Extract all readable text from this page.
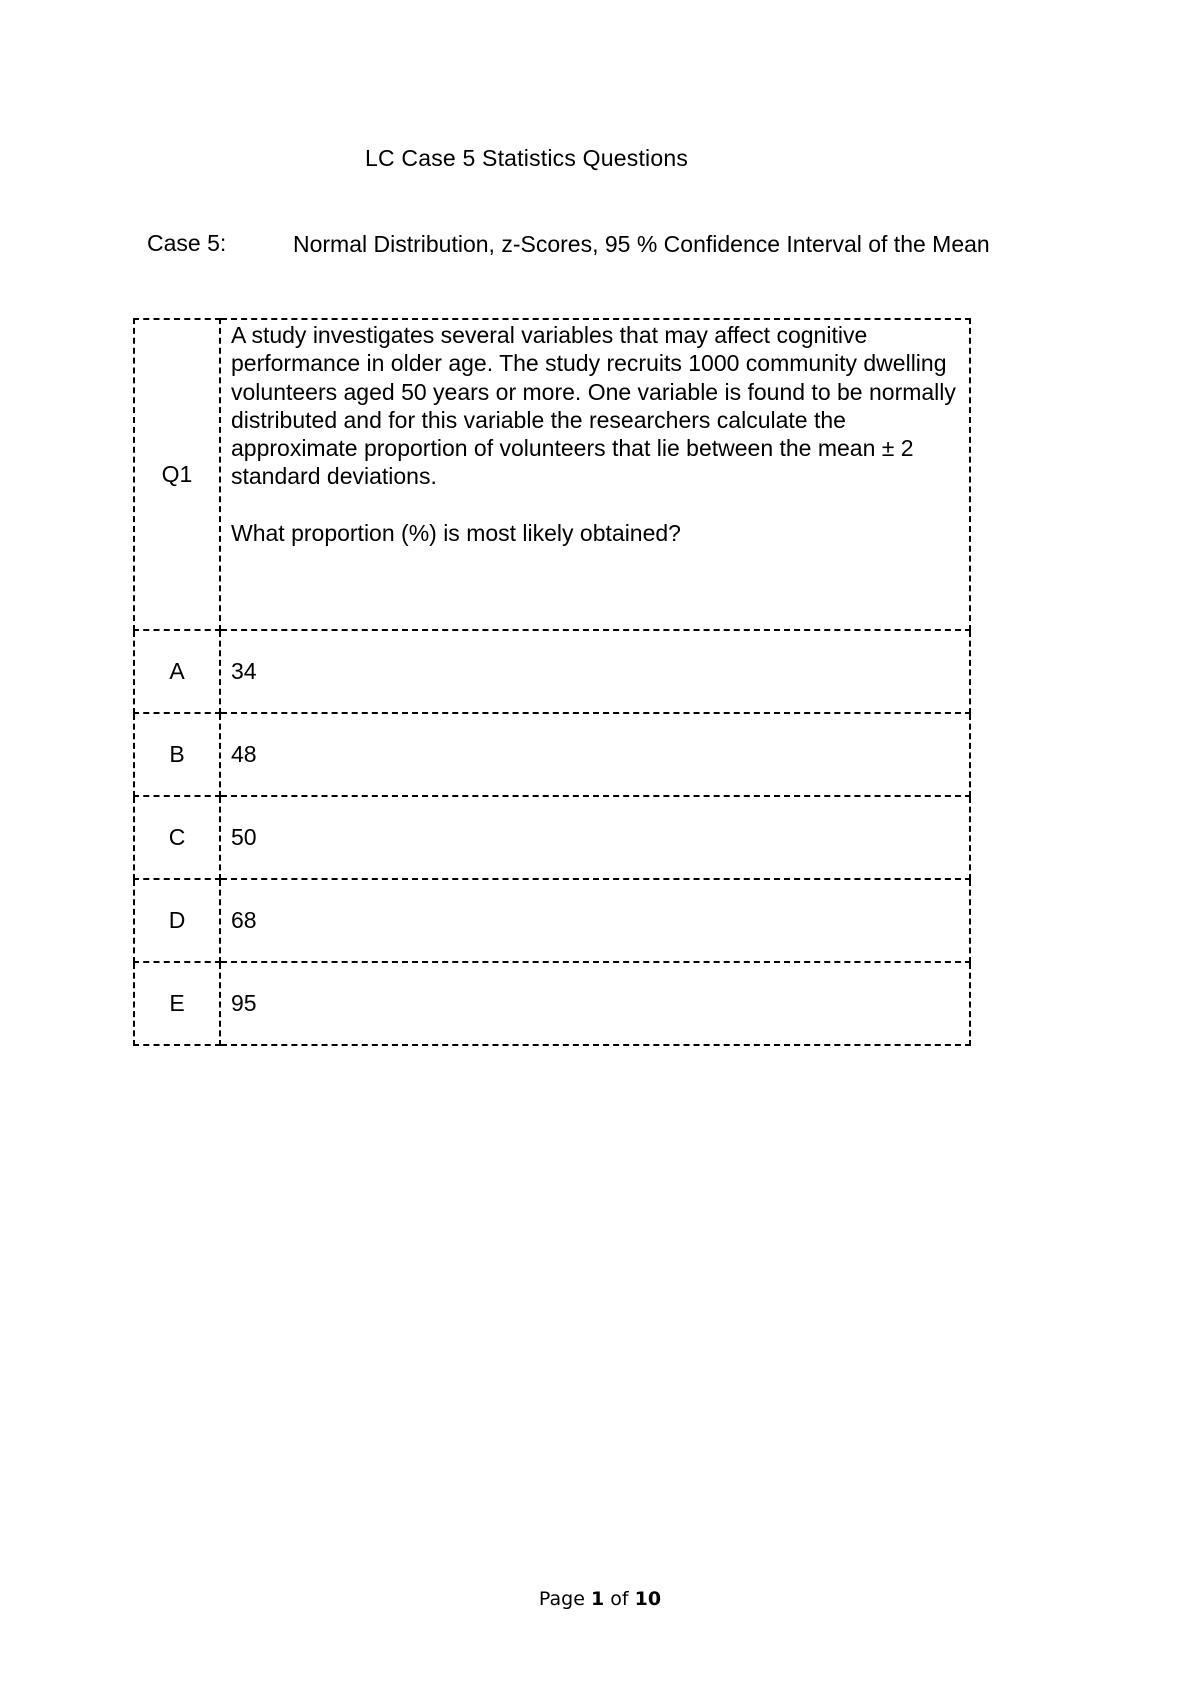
LC Case 5 Statistics Questions
Case 5:	Normal Distribution, z-Scores, 95 % Confidence Interval of the Mean
Q1	A study investigates several variables that may affect cognitive performance in older age. The study recruits 1000 community dwelling volunteers aged 50 years or more. One variable is found to be normally distributed and for this variable the researchers calculate the approximate proportion of volunteers that lie between the mean ± 2 standard deviations.
What proportion (%) is most likely obtained?

A	34
B	48
C	50
D	68
E	95
Page 1 of 10
